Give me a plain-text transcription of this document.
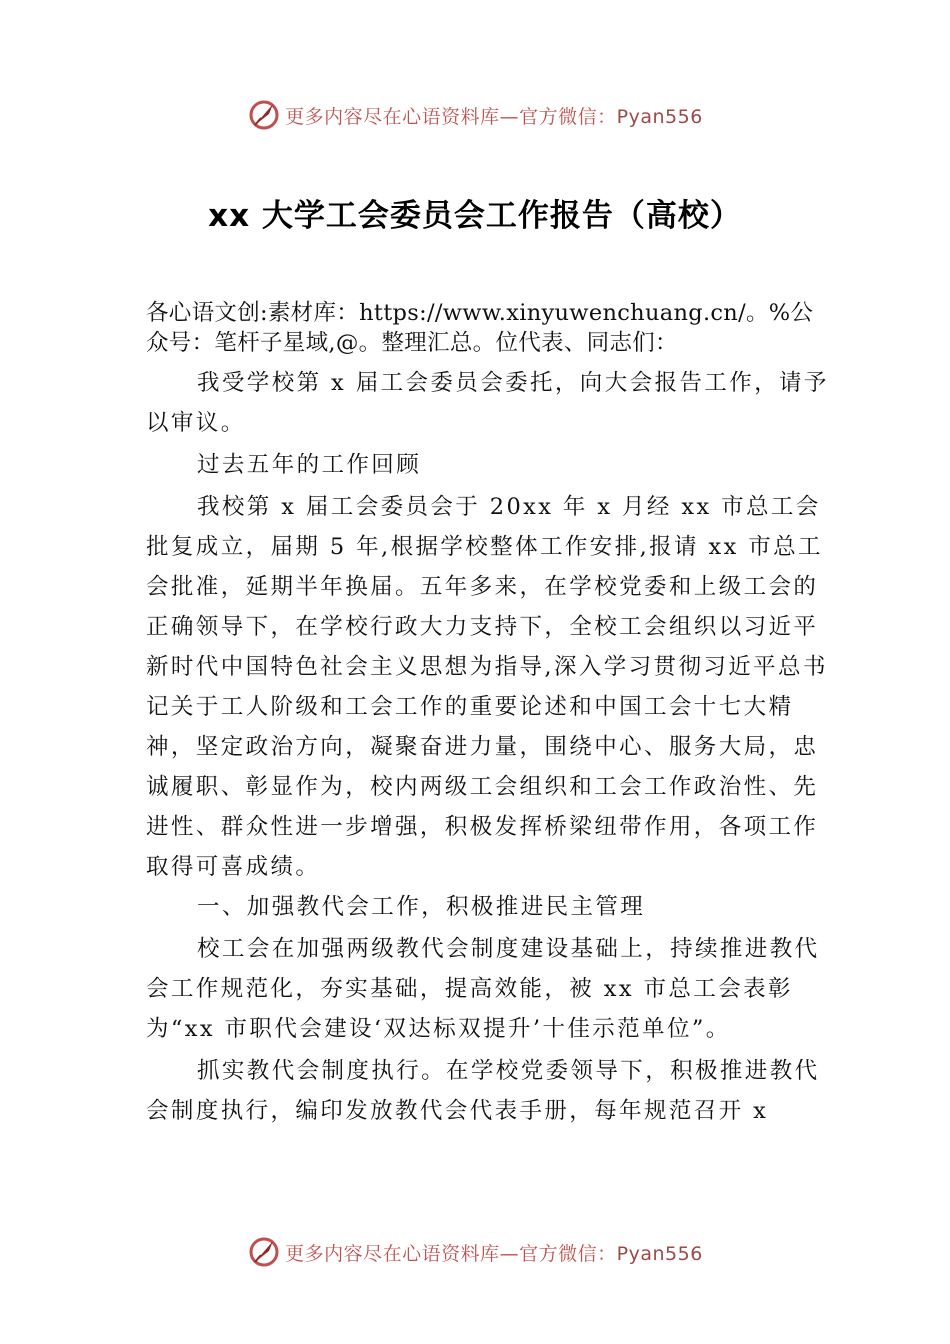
更多内容尽在心语资料库—官方微信：Pyan556
xx 大学工会委员会工作报告（高校）

各心语文创:素材库：https://www.xinyuwenchuang.cn/。%公众号：笔杆子星域,@。整理汇总。位代表、同志们：

我受学校第 x 届工会委员会委托，向大会报告工作，请予以审议。

过去五年的工作回顾

我校第 x 届工会委员会于 20xx 年 x 月经 xx 市总工会批复成立，届期 5 年,根据学校整体工作安排,报请 xx 市总工会批准，延期半年换届。五年多来，在学校党委和上级工会的正确领导下，在学校行政大力支持下，全校工会组织以习近平新时代中国特色社会主义思想为指导,深入学习贯彻习近平总书记关于工人阶级和工会工作的重要论述和中国工会十七大精神，坚定政治方向，凝聚奋进力量，围绕中心、服务大局，忠诚履职、彰显作为，校内两级工会组织和工会工作政治性、先进性、群众性进一步增强，积极发挥桥梁纽带作用，各项工作取得可喜成绩。

一、加强教代会工作，积极推进民主管理

校工会在加强两级教代会制度建设基础上，持续推进教代会工作规范化，夯实基础，提高效能，被 xx 市总工会表彰为“xx 市职代会建设‘双达标双提升’十佳示范单位”。

抓实教代会制度执行。在学校党委领导下，积极推进教代会制度执行，编印发放教代会代表手册，每年规范召开 x

更多内容尽在心语资料库—官方微信：Pyan556
